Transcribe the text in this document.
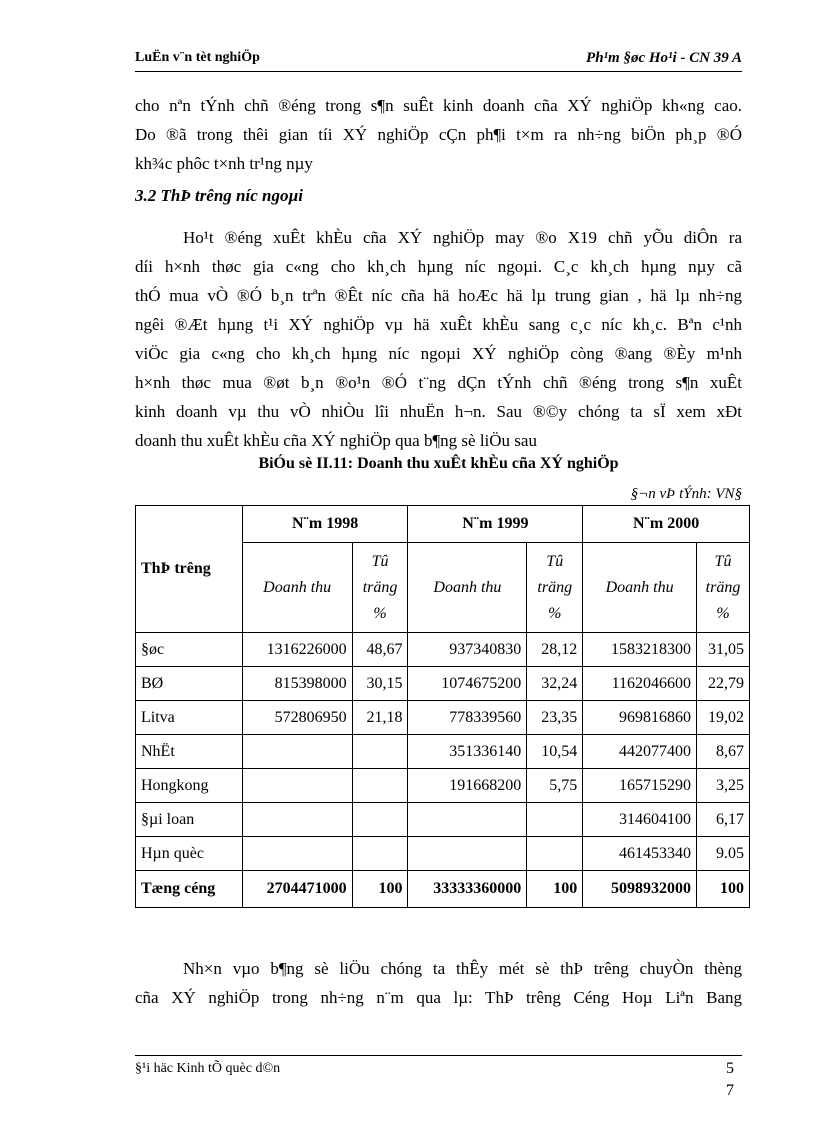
LuËn v¨n tèt nghiÖp	Ph¹m §øc Ho¹i - CN 39 A
cho nªn tÝnh chñ ®éng trong s¶n suÊt kinh doanh cña XÝ nghiÖp kh«ng cao.
Do ®ã trong thêi gian tíi XÝ nghiÖp cÇn ph¶i t×m ra nh÷ng biÖn ph¸p ®Ó
kh¾c phôc t×nh tr¹ng nµy
3.2 ThÞ trêng níc ngoµi
Ho¹t ®éng xuÊt khÈu cña XÝ nghiÖp may ®o X19 chñ yÕu diÔn ra
díi h×nh thøc gia c«ng cho kh¸ch hµng níc ngoµi. C¸c kh¸ch hµng nµy cã
thÓ mua vÒ ®Ó b¸n trªn ®Êt níc cña hä hoÆc hä lµ trung gian , hä lµ nh÷ng
ngêi ®Æt hµng t¹i XÝ nghiÖp vµ hä xuÊt khÈu sang c¸c níc kh¸c. Bªn c¹nh
viÖc gia c«ng cho kh¸ch hµng níc ngoµi XÝ nghiÖp còng ®ang ®Èy m¹nh
h×nh thøc mua ®øt b¸n ®o¹n ®Ó t¨ng dÇn tÝnh chñ ®éng trong s¶n xuÊt
kinh doanh vµ thu vÒ nhiÒu lîi nhuËn h¬n. Sau ®©y chóng ta sÏ xem xÐt
doanh thu xuÊt khÈu cña XÝ nghiÖp qua b¶ng sè liÖu sau
BiÓu sè II.11: Doanh thu xuÊt khÈu cña XÝ nghiÖp
§¬n vÞ tÝnh: VN§
ThÞ trêng	N¨m 1998		N¨m 1999		N¨m 2000	
	Doanh thu	Tû
träng
%	Doanh thu	Tû
träng
%	Doanh thu	Tû
träng
%
§øc	1316226000	48,67	937340830	28,12	1583218300	31,05
BØ	815398000	30,15	1074675200	32,24	1162046600	22,79
Litva	572806950	21,18	778339560	23,35	969816860	19,02
NhËt			351336140	10,54	442077400	8,67
Hongkong			191668200	5,75	165715290	3,25
§µi loan					314604100	6,17
Hµn quèc					461453340	9.05
Tæng céng	2704471000	100	33333360000	100	5098932000	100
Nh×n vµo b¶ng sè liÖu chóng ta thÊy mét sè thÞ trêng chuyÒn thèng
cña XÝ nghiÖp trong nh÷ng n¨m qua lµ: ThÞ trêng Céng Hoµ Liªn Bang
§¹i häc Kinh tÕ quèc d©n	5
7
